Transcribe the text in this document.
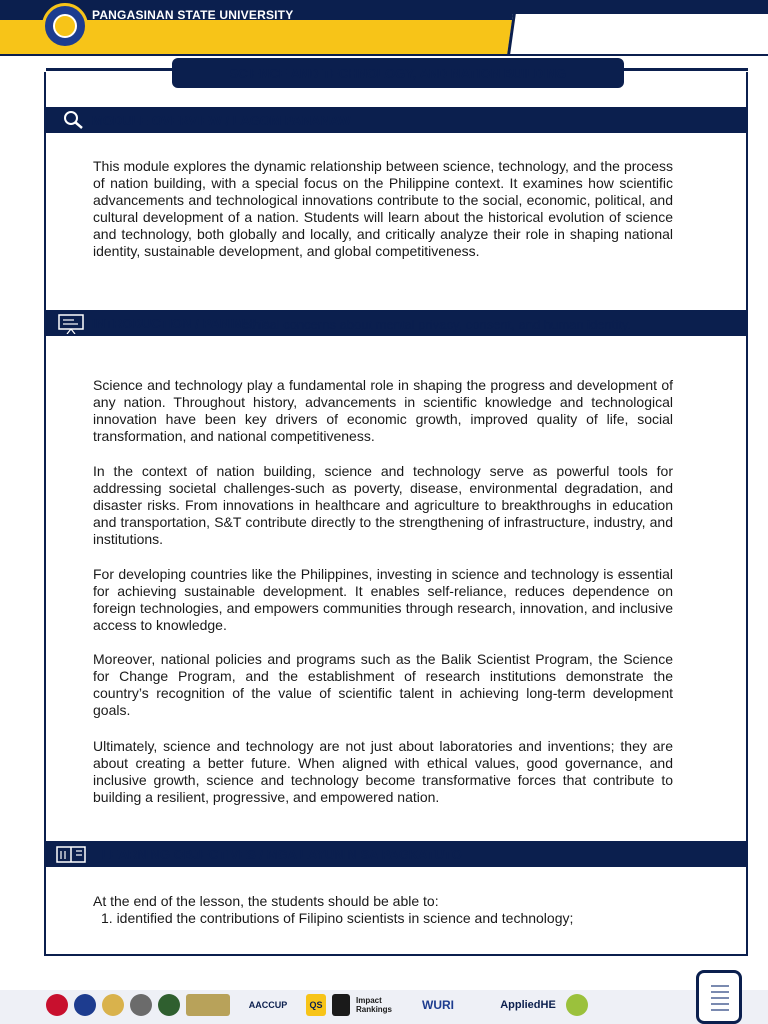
PANGASINAN STATE UNIVERSITY
SCIENCE AND TECHNOLOGY, AND NATION BUILDING
MODULE OVERVIEW / LAGOM PANANAW
This module explores the dynamic relationship between science, technology, and the process of nation building, with a special focus on the Philippine context. It examines how scientific advancements and technological innovations contribute to the social, economic, political, and cultural development of a nation. Students will learn about the historical evolution of science and technology, both globally and locally, and critically analyze their role in shaping national identity, sustainable development, and global competitiveness.
INTRODUCTION / PANIMULA
ethical concerns about mental privacy, consent, and human identity.
Science and technology play a fundamental role in shaping the progress and development of any nation. Throughout history, advancements in scientific knowledge and technological innovation have been key drivers of economic growth, improved quality of life, social transformation, and national competitiveness.
In the context of nation building, science and technology serve as powerful tools for addressing societal challenges-such as poverty, disease, environmental degradation, and disaster risks. From innovations in healthcare and agriculture to breakthroughs in education and transportation, S&T contribute directly to the strengthening of infrastructure, industry, and institutions.
For developing countries like the Philippines, investing in science and technology is essential for achieving sustainable development. It enables self-reliance, reduces dependence on foreign technologies, and empowers communities through research, innovation, and inclusive access to knowledge.
Moreover, national policies and programs such as the Balik Scientist Program, the Science for Change Program, and the establishment of research institutions demonstrate the country’s recognition of the value of scientific talent in achieving long-term development goals.
Ultimately, science and technology are not just about laboratories and inventions; they are about creating a better future. When aligned with ethical values, good governance, and inclusive growth, science and technology become transformative forces that contribute to building a resilient, progressive, and empowered nation.
LEARNING OBJECTIVES / MGA LAYUNIN SA PAGKATUTO
At the end of the lesson, the students should be able to:
1. identified the contributions of Filipino scientists in science and technology;
AACCUP	QS	Impact Rankings	WURI	AppliedHE
